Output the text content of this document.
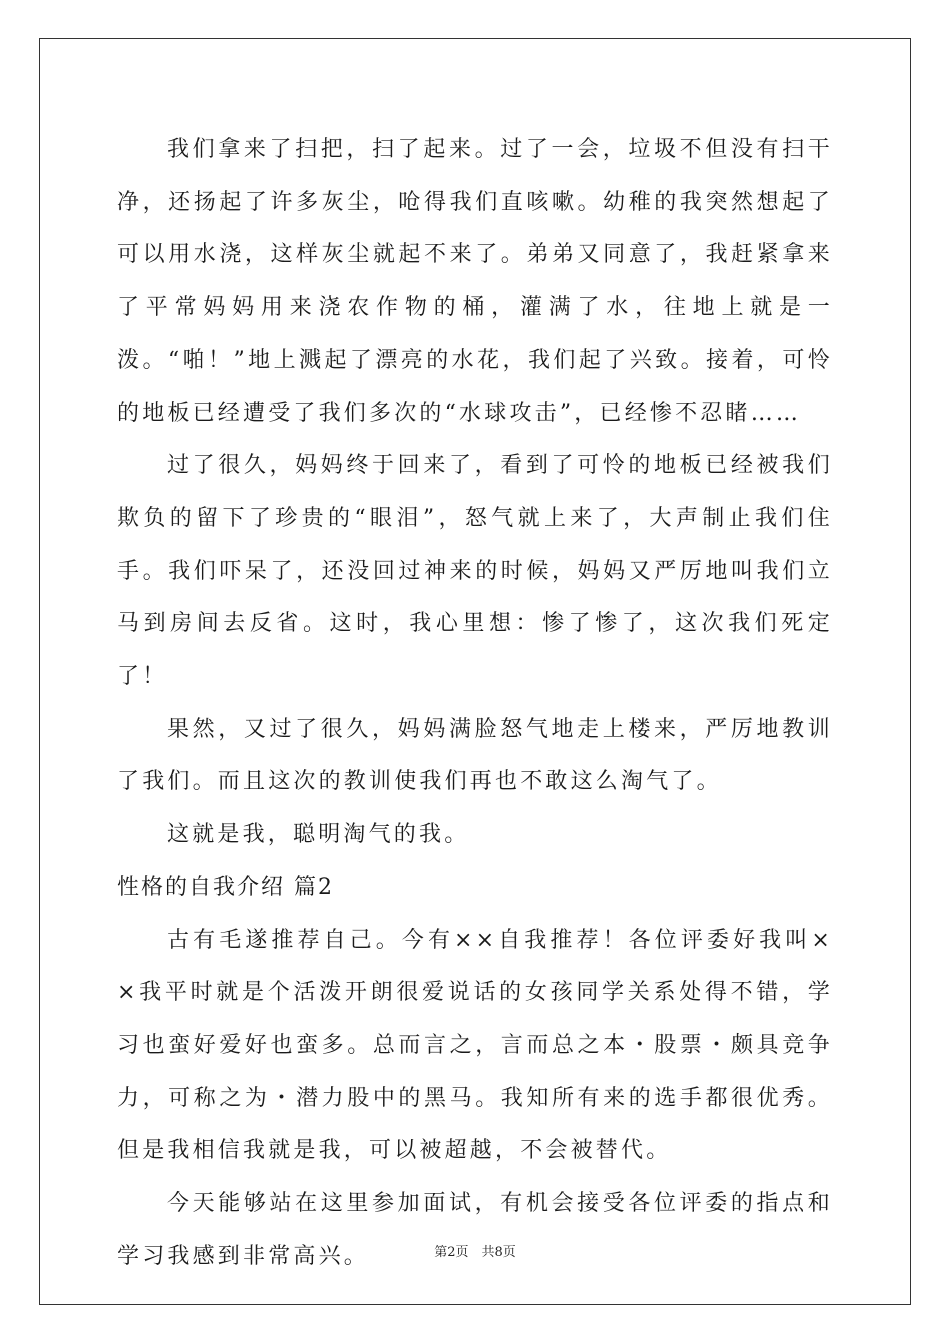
我们拿来了扫把，扫了起来。过了一会，垃圾不但没有扫干净，还扬起了许多灰尘，呛得我们直咳嗽。幼稚的我突然想起了可以用水浇，这样灰尘就起不来了。弟弟又同意了，我赶紧拿来了平常妈妈用来浇农作物的桶，灌满了水，往地上就是一泼。“啪！”地上溅起了漂亮的水花，我们起了兴致。接着，可怜的地板已经遭受了我们多次的“水球攻击”，已经惨不忍睹……

过了很久，妈妈终于回来了，看到了可怜的地板已经被我们欺负的留下了珍贵的“眼泪”，怒气就上来了，大声制止我们住手。我们吓呆了，还没回过神来的时候，妈妈又严厉地叫我们立马到房间去反省。这时，我心里想：惨了惨了，这次我们死定了！

果然，又过了很久，妈妈满脸怒气地走上楼来，严厉地教训了我们。而且这次的教训使我们再也不敢这么淘气了。

这就是我，聪明淘气的我。

性格的自我介绍 篇2

古有毛遂推荐自己。今有××自我推荐！各位评委好我叫××我平时就是个活泼开朗很爱说话的女孩同学关系处得不错，学习也蛮好爱好也蛮多。总而言之，言而总之本・股票・颇具竞争力，可称之为・潜力股中的黑马。我知所有来的选手都很优秀。但是我相信我就是我，可以被超越，不会被替代。

今天能够站在这里参加面试，有机会接受各位评委的指点和学习我感到非常高兴。	第2页　共8页
